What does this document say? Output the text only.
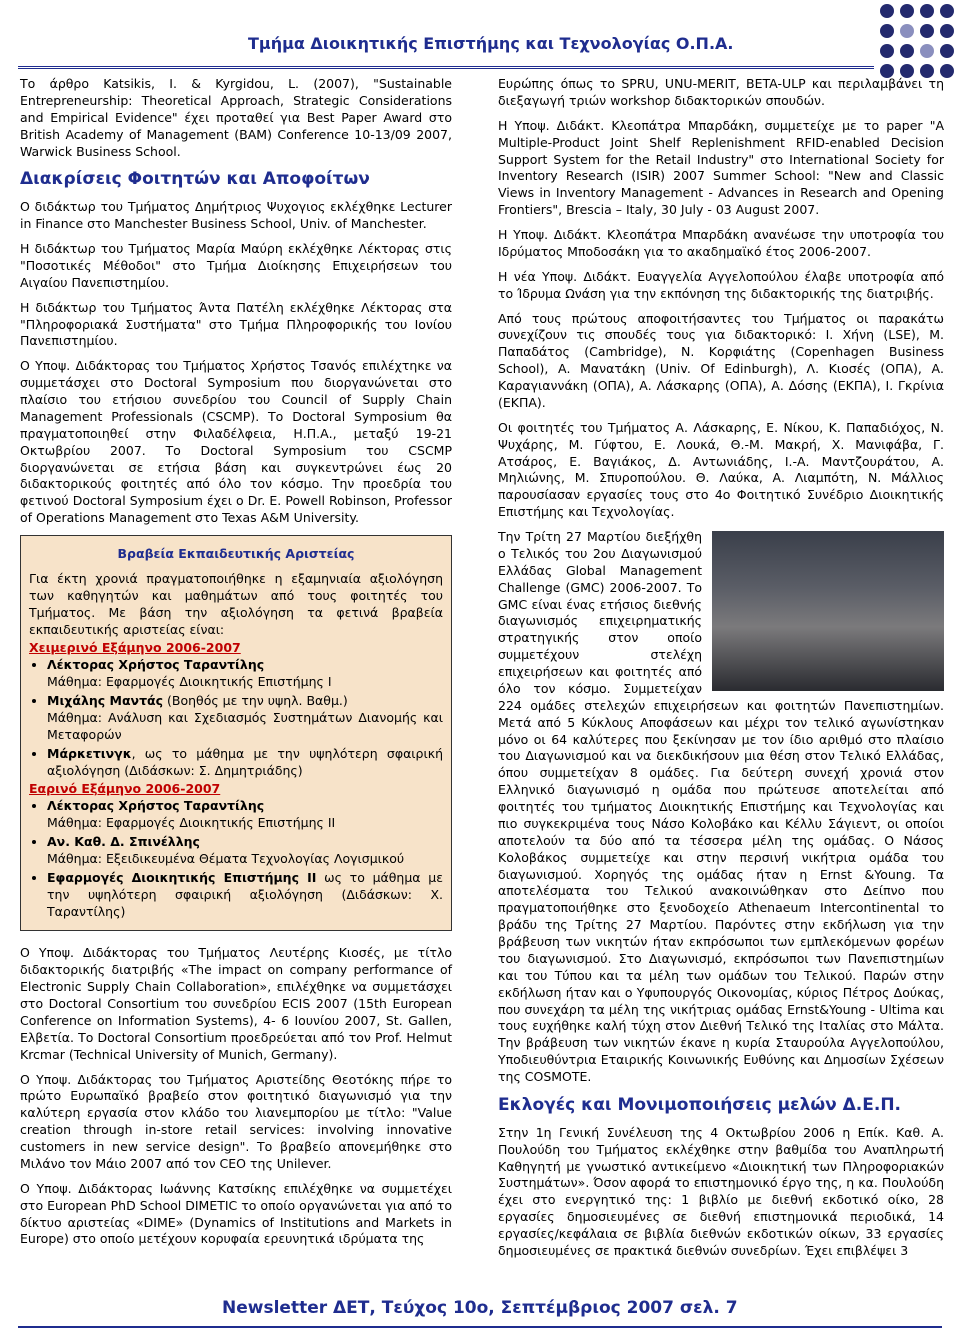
Τμήμα Διοικητικής Επιστήμης και Τεχνολογίας Ο.Π.Α.

Το άρθρο Katsikis, I. & Kyrgidou, L. (2007), "Sustainable Entrepreneurship: Theoretical Approach, Strategic Considerations and Empirical Evidence" έχει προταθεί για Best Paper Award στο British Academy of Management (BAM) Conference 10-13/09 2007, Warwick Business School.

Διακρίσεις Φοιτητών και Αποφοίτων

Ο διδάκτωρ του Τμήματος Δημήτριος Ψυχογιος εκλέχθηκε Lecturer in Finance στο Manchester Business School, Univ. of Manchester.

Η διδάκτωρ του Τμήματος Μαρία Μαύρη εκλέχθηκε Λέκτορας στις "Ποσοτικές Μέθοδοι" στο Τμήμα Διοίκησης Επιχειρήσεων του Αιγαίου Πανεπιστημίου.

Η διδάκτωρ του Τμήματος Άντα Πατέλη εκλέχθηκε Λέκτορας στα "Πληροφοριακά Συστήματα" στο Τμήμα Πληροφορικής του Ιονίου Πανεπιστημίου.

Ο Υποψ. Διδάκτορας του Τμήματος Χρήστος Τσανός επιλέχτηκε να συμμετάσχει στο Doctoral Symposium που διοργανώνεται στο πλαίσιο του ετήσιου συνεδρίου του Council of Supply Chain Management Professionals (CSCMP). Το Doctoral Symposium θα πραγματοποιηθεί στην Φιλαδέλφεια, Η.Π.Α., μεταξύ 19-21 Οκτωβρίου 2007. Το Doctoral Symposium του CSCMP διοργανώνεται σε ετήσια βάση και συγκεντρώνει έως 20 διδακτορικούς φοιτητές από όλο τον κόσμο. Την προεδρία του φετινού Doctoral Symposium έχει ο Dr. E. Powell Robinson, Professor of Operations Management στο Texas A&M University.

Βραβεία Εκπαιδευτικής Αριστείας
Για έκτη χρονιά πραγματοποιήθηκε η εξαμηνιαία αξιολόγηση των καθηγητών και μαθημάτων από τους φοιτητές του Τμήματος. Με βάση την αξιολόγηση τα φετινά βραβεία εκπαιδευτικής αριστείας είναι:
Χειμερινό Εξάμηνο 2006-2007
• Λέκτορας Χρήστος Ταραντίλης
Μάθημα: Εφαρμογές Διοικητικής Επιστήμης Ι
• Μιχάλης Μαντάς (Βοηθός με την υψηλ. Βαθμ.)
Μάθημα: Ανάλυση και Σχεδιασμός Συστημάτων Διανομής και Μεταφορών
• Μάρκετινγκ, ως το μάθημα με την υψηλότερη σφαιρική αξιολόγηση (Διδάσκων: Σ. Δημητριάδης)
Εαρινό Εξάμηνο 2006-2007
• Λέκτορας Χρήστος Ταραντίλης
Μάθημα: Εφαρμογές Διοικητικής Επιστήμης ΙΙ
• Αν. Καθ. Δ. Σπινέλλης
Μάθημα: Εξειδικευμένα Θέματα Τεχνολογίας Λογισμικού
• Εφαρμογές Διοικητικής Επιστήμης ΙΙ ως το μάθημα με την υψηλότερη σφαιρική αξιολόγηση (Διδάσκων: Χ. Ταραντίλης)

Ο Υποψ. Διδάκτορας του Τμήματος Λευτέρης Κιοσές, με τίτλο διδακτορικής διατριβής «The impact on company performance of Electronic Supply Chain Collaboration», επιλέχθηκε να συμμετάσχει στο Doctoral Consortium του συνεδρίου ECIS 2007 (15th European Conference on Information Systems), 4- 6 Ιουνίου 2007, St. Gallen, Ελβετία. Το Doctoral Consortium προεδρεύεται από τον Prof. Helmut Krcmar (Technical University of Munich, Germany).

Ο Υποψ. Διδάκτορας του Τμήματος Αριστείδης Θεοτόκης πήρε το πρώτο Ευρωπαϊκό βραβείο στον φοιτητικό διαγωνισμό για την καλύτερη εργασία στον κλάδο του λιανεμπορίου με τίτλο: "Value creation through in-store retail services: involving innovative customers in new service design". Το βραβείο απονεμήθηκε στο Μιλάνο τον Μάιο 2007 από τον CEO της Unilever.

Ο Υποψ. Διδάκτορας Ιωάννης Κατσίκης επιλέχθηκε να συμμετέχει στο European PhD School DIMETIC το οποίο οργανώνεται για από το δίκτυο αριστείας «DIME» (Dynamics of Institutions and Markets in Europe) στο οποίο μετέχουν κορυφαία ερευνητικά ιδρύματα της

Ευρώπης όπως το SPRU, UNU-MERIT, BETA-ULP και περιλαμβάνει τη διεξαγωγή τριών workshop διδακτορικών σπουδών.

Η Υποψ. Διδάκτ. Κλεοπάτρα Μπαρδάκη, συμμετείχε με το paper "A Multiple-Product Joint Shelf Replenishment RFID-enabled Decision Support System for the Retail Industry" στο International Society for Inventory Research (ISIR) 2007 Summer School: "New and Classic Views in Inventory Management - Advances in Research and Opening Frontiers", Brescia – Italy, 30 July - 03 August 2007.

Η Υποψ. Διδάκτ. Κλεοπάτρα Μπαρδάκη ανανέωσε την υποτροφία του Ιδρύματος Μποδοσάκη για το ακαδημαϊκό έτος 2006-2007.

Η νέα Υποψ. Διδάκτ. Ευαγγελία Αγγελοπούλου έλαβε υποτροφία από το Ίδρυμα Ωνάση για την εκπόνηση της διδακτορικής της διατριβής.

Από τους πρώτους αποφοιτήσαντες του Τμήματος οι παρακάτω συνεχίζουν τις σπουδές τους για διδακτορικό: Ι. Χήνη (LSE), Μ. Παπαδάτος (Cambridge), Ν. Κορφιάτης (Copenhagen Business School), Α. Μανατάκη (Univ. Of Edinburgh), Λ. Κιοσές (ΟΠΑ), Α. Καραγιαννάκη (ΟΠΑ), Α. Λάσκαρης (ΟΠΑ), Α. Δόσης (ΕΚΠΑ), Ι. Γκρίνια (ΕΚΠΑ).

Οι φοιτητές του Τμήματος Α. Λάσκαρης, Ε. Νίκου, Κ. Παπαδιόχος, Ν. Ψυχάρης, Μ. Γύφτου, Ε. Λουκά, Θ.-Μ. Μακρή, Χ. Μανιφάβα, Γ. Ατσάρος, Ε. Βαγιάκος, Δ. Αντωνιάδης, Ι.-Α. Μαντζουράτου, Α. Μηλιώνης, Μ. Σπυροπούλου. Θ. Λαύκα, Α. Λιαμπότη, Ν. Μάλλιος παρουσίασαν εργασίες τους στο 4ο Φοιτητικό Συνέδριο Διοικητικής Επιστήμης και Τεχνολογίας.

Την Τρίτη 27 Μαρτίου διεξήχθη ο Τελικός του 2ου Διαγωνισμού Ελλάδας Global Management Challenge (GMC) 2006-2007. Το GMC είναι ένας ετήσιος διεθνής διαγωνισμός επιχειρηματικής στρατηγικής στον οποίο συμμετέχουν στελέχη επιχειρήσεων και φοιτητές από όλο τον κόσμο. Συμμετείχαν 224 ομάδες στελεχών επιχειρήσεων και φοιτητών Πανεπιστημίων. Μετά από 5 Κύκλους Αποφάσεων και μέχρι τον τελικό αγωνίστηκαν μόνο οι 64 καλύτερες που ξεκίνησαν με τον ίδιο αριθμό στο πλαίσιο του Διαγωνισμού και να διεκδικήσουν μια θέση στον Τελικό Ελλάδας, όπου συμμετείχαν 8 ομάδες. Για δεύτερη συνεχή χρονιά στον Ελληνικό διαγωνισμό η ομάδα που πρώτευσε αποτελείται από φοιτητές του τμήματος Διοικητικής Επιστήμης και Τεχνολογίας και πιο συγκεκριμένα τους Νάσο Κολοβάκο και Κέλλυ Σάγιεντ, οι οποίοι αποτελούν τα δύο από τα τέσσερα μέλη της ομάδας. Ο Νάσος Κολοβάκος συμμετείχε και στην περσινή νικήτρια ομάδα του διαγωνισμού. Χορηγός της ομάδας ήταν η Ernst &Young. Τα αποτελέσματα του Τελικού ανακοινώθηκαν στο Δείπνο που πραγματοποιήθηκε στο ξενοδοχείο Athenaeum Intercontinental το βράδυ της Τρίτης 27 Μαρτίου. Παρόντες στην εκδήλωση για την βράβευση των νικητών ήταν εκπρόσωποι των εμπλεκόμενων φορέων του διαγωνισμού. Στο Διαγωνισμό, εκπρόσωποι των Πανεπιστημίων και του Τύπου και τα μέλη των ομάδων του Τελικού. Παρών στην εκδήλωση ήταν και ο Υφυπουργός Οικονομίας, κύριος Πέτρος Δούκας, που συνεχάρη τα μέλη της νικήτριας ομάδας Ernst&Young - Ultima και τους ευχήθηκε καλή τύχη στον Διεθνή Τελικό της Ιταλίας στο Μάλτα. Την βράβευση των νικητών έκανε η κυρία Σταυρούλα Αγγελοπούλου, Υποδιευθύντρια Εταιρικής Κοινωνικής Ευθύνης και Δημοσίων Σχέσεων της COSMOTE.

Εκλογές και Μονιμοποιήσεις μελών Δ.Ε.Π.

Στην 1η Γενική Συνέλευση της 4 Οκτωβρίου 2006 η Επίκ. Καθ. Α. Πουλούδη του Τμήματος εκλέχθηκε στην βαθμίδα του Αναπληρωτή Καθηγητή με γνωστικό αντικείμενο «Διοικητική των Πληροφοριακών Συστημάτων». Όσον αφορά το επιστημονικό έργο της, η κα. Πουλούδη έχει στο ενεργητικό της: 1 βιβλίο με διεθνή εκδοτικό οίκο, 28 εργασίες δημοσιευμένες σε διεθνή επιστημονικά περιοδικά, 14 εργασίες/κεφάλαια σε βιβλία διεθνών εκδοτικών οίκων, 33 εργασίες δημοσιευμένες σε πρακτικά διεθνών συνεδρίων. Έχει επιβλέψει 3

Newsletter ΔΕΤ, Τεύχος 10ο, Σεπτέμβριος 2007 σελ. 7
